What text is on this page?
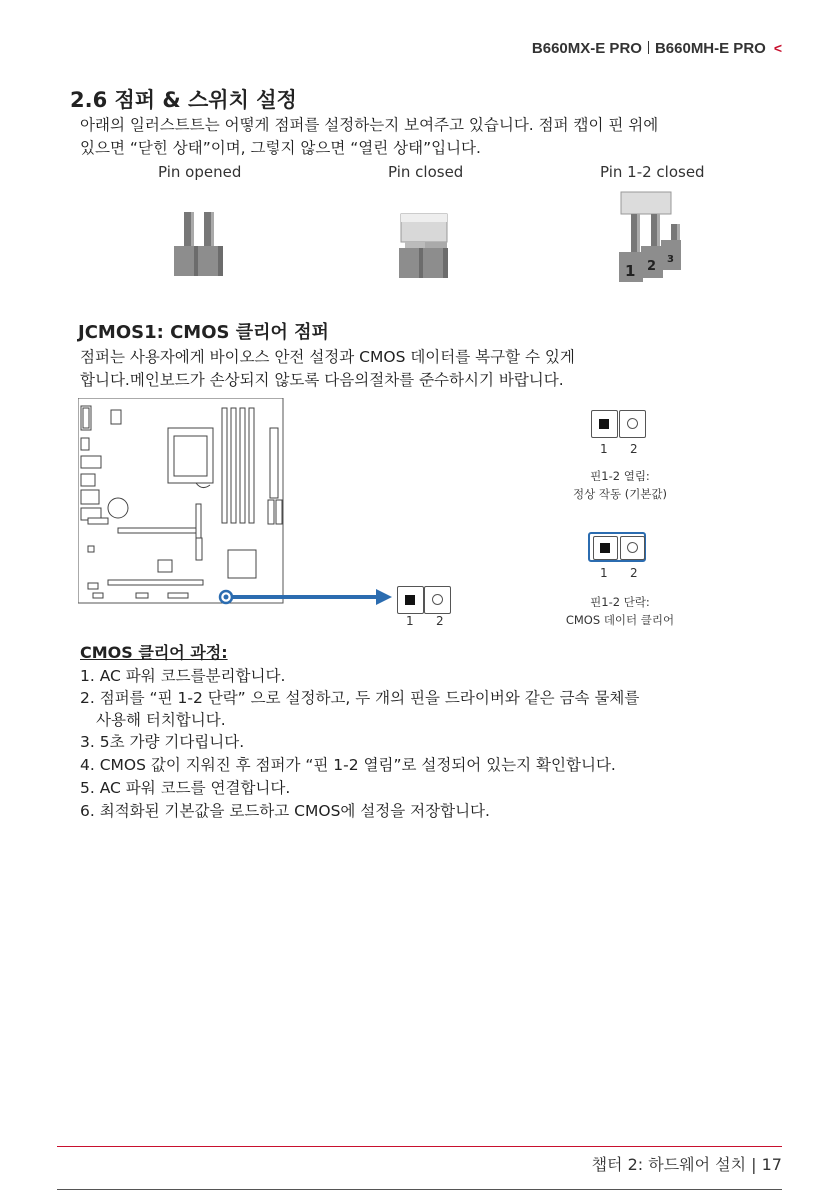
B660MX-E PRO B660MH-E PRO <
2.6 점퍼 & 스위치 설정
아래의 일러스트트는 어떻게 점퍼를 설정하는지 보여주고 있습니다. 점퍼 캡이 핀 위에
있으면 “닫힌 상태”이며, 그렇지 않으면 “열린 상태”입니다.
Pin opened	Pin closed	Pin 1-2 closed
1 2 3
JCMOS1: CMOS 클리어 점퍼
점퍼는 사용자에게 바이오스 안전 설정과 CMOS 데이터를 복구할 수 있게
합니다.메인보드가 손상되지 않도록 다음의절차를 준수하시기 바랍니다.
1 2
1 2
핀1-2 열림:
정상 작동 (기본값)
1 2
핀1-2 단락:
CMOS 데이터 클리어
CMOS 클리어 과정:
1. AC 파워 코드를분리합니다.
2. 점퍼를 “핀 1-2 단락” 으로 설정하고, 두 개의 핀을 드라이버와 같은 금속 물체를
사용해 터치합니다.
3. 5초 가량 기다립니다.
4. CMOS 값이 지워진 후 점퍼가 “핀 1-2 열림”로 설정되어 있는지 확인합니다.
5. AC 파워 코드를 연결합니다.
6. 최적화된 기본값을 로드하고 CMOS에 설정을 저장합니다.
챕터 2: 하드웨어 설치 | 17
